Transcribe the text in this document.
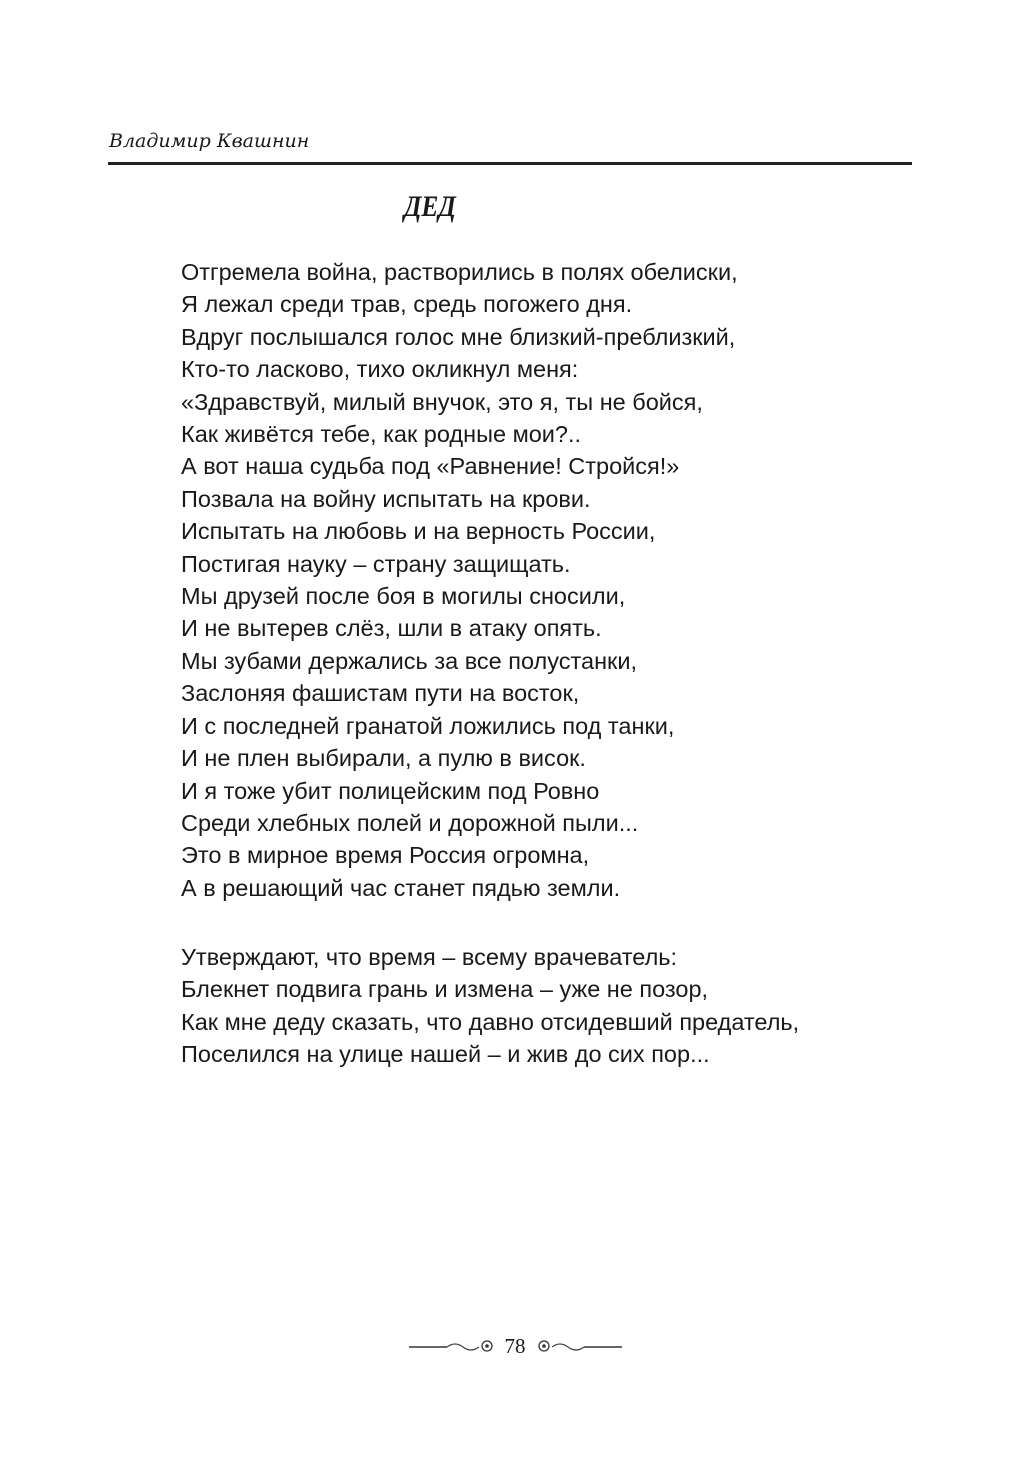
Владимир Квашнин
ДЕД
Отгремела война, растворились в полях обелиски,
Я лежал среди трав, средь погожего дня.
Вдруг послышался голос мне близкий-преблизкий,
Кто-то ласково, тихо окликнул меня:
«Здравствуй, милый внучок, это я, ты не бойся,
Как живётся тебе, как родные мои?..
А вот наша судьба под «Равнение! Стройся!»
Позвала на войну испытать на крови.
Испытать на любовь и на верность России,
Постигая науку – страну защищать.
Мы друзей после боя в могилы сносили,
И не вытерев слёз, шли в атаку опять.
Мы зубами держались за все полустанки,
Заслоняя фашистам пути на восток,
И с последней гранатой ложились под танки,
И не плен выбирали, а пулю в висок.
И я тоже убит полицейским под Ровно
Среди хлебных полей и дорожной пыли...
Это в мирное время Россия огромна,
А в решающий час станет пядью земли.
Утверждают, что время – всему врачеватель:
Блекнет подвига грань и измена – уже не позор,
Как мне деду сказать, что давно отсидевший предатель,
Поселился на улице нашей – и жив до сих пор...
78
